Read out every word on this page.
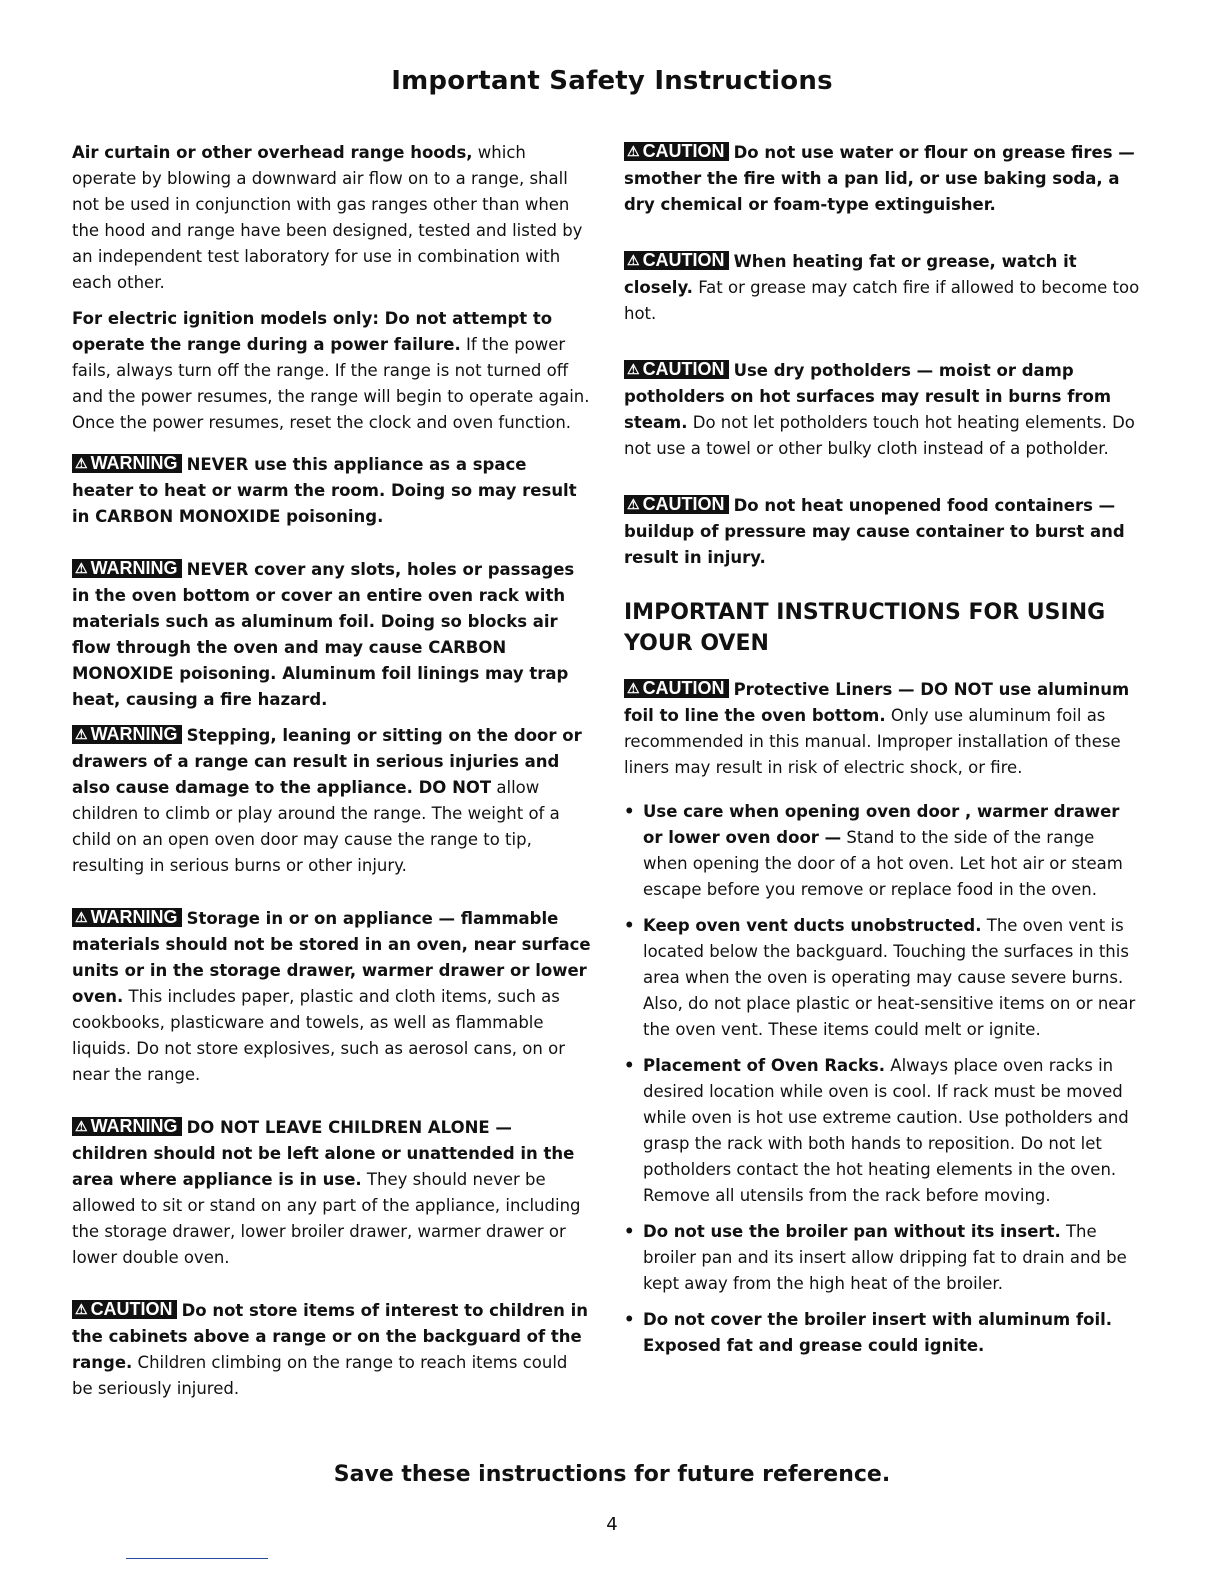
Important Safety Instructions

Air curtain or other overhead range hoods, which operate by blowing a downward air flow on to a range, shall not be used in conjunction with gas ranges other than when the hood and range have been designed, tested and listed by an independent test laboratory for use in combination with each other.

For electric ignition models only: Do not attempt to operate the range during a power failure. If the power fails, always turn off the range. If the range is not turned off and the power resumes, the range will begin to operate again. Once the power resumes, reset the clock and oven function.

⚠ WARNING NEVER use this appliance as a space heater to heat or warm the room. Doing so may result in CARBON MONOXIDE poisoning.

⚠ WARNING NEVER cover any slots, holes or passages in the oven bottom or cover an entire oven rack with materials such as aluminum foil. Doing so blocks air flow through the oven and may cause CARBON MONOXIDE poisoning. Aluminum foil linings may trap heat, causing a fire hazard.

⚠ WARNING Stepping, leaning or sitting on the door or drawers of a range can result in serious injuries and also cause damage to the appliance. DO NOT allow children to climb or play around the range. The weight of a child on an open oven door may cause the range to tip, resulting in serious burns or other injury.

⚠ WARNING Storage in or on appliance — flammable materials should not be stored in an oven, near surface units or in the storage drawer, warmer drawer or lower oven. This includes paper, plastic and cloth items, such as cookbooks, plasticware and towels, as well as flammable liquids. Do not store explosives, such as aerosol cans, on or near the range.

⚠ WARNING DO NOT LEAVE CHILDREN ALONE — children should not be left alone or unattended in the area where appliance is in use. They should never be allowed to sit or stand on any part of the appliance, including the storage drawer, lower broiler drawer, warmer drawer or lower double oven.

⚠ CAUTION Do not store items of interest to children in the cabinets above a range or on the backguard of the range. Children climbing on the range to reach items could be seriously injured.

⚠ CAUTION Do not use water or flour on grease fires — smother the fire with a pan lid, or use baking soda, a dry chemical or foam-type extinguisher.

⚠ CAUTION When heating fat or grease, watch it closely. Fat or grease may catch fire if allowed to become too hot.

⚠ CAUTION Use dry potholders — moist or damp potholders on hot surfaces may result in burns from steam. Do not let potholders touch hot heating elements. Do not use a towel or other bulky cloth instead of a potholder.

⚠ CAUTION Do not heat unopened food containers — buildup of pressure may cause container to burst and result in injury.

IMPORTANT INSTRUCTIONS FOR USING YOUR OVEN

⚠ CAUTION Protective Liners — DO NOT use aluminum foil to line the oven bottom. Only use aluminum foil as recommended in this manual. Improper installation of these liners may result in risk of electric shock, or fire.

• Use care when opening oven door , warmer drawer or lower oven door — Stand to the side of the range when opening the door of a hot oven. Let hot air or steam escape before you remove or replace food in the oven.
• Keep oven vent ducts unobstructed. The oven vent is located below the backguard. Touching the surfaces in this area when the oven is operating may cause severe burns. Also, do not place plastic or heat-sensitive items on or near the oven vent. These items could melt or ignite.
• Placement of Oven Racks. Always place oven racks in desired location while oven is cool. If rack must be moved while oven is hot use extreme caution. Use potholders and grasp the rack with both hands to reposition. Do not let potholders contact the hot heating elements in the oven. Remove all utensils from the rack before moving.
• Do not use the broiler pan without its insert. The broiler pan and its insert allow dripping fat to drain and be kept away from the high heat of the broiler.
• Do not cover the broiler insert with aluminum foil. Exposed fat and grease could ignite.
Save these instructions for future reference.
4
